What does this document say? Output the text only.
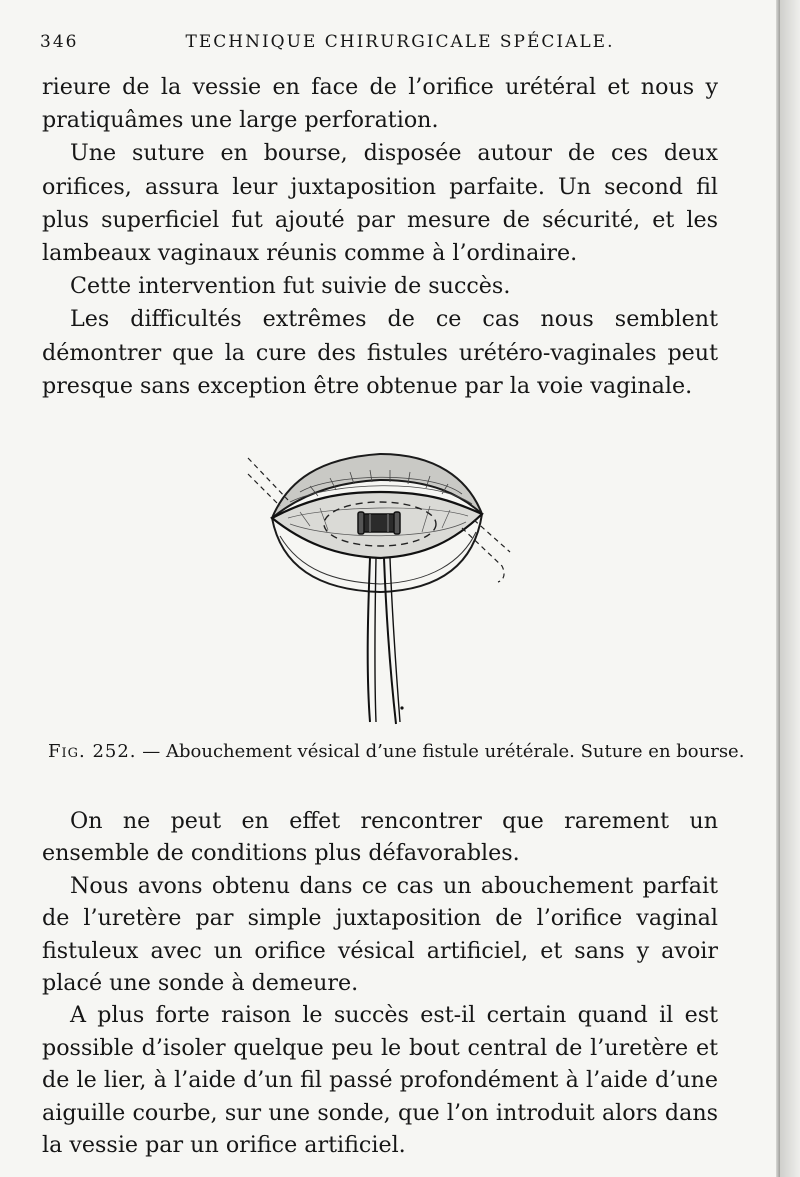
346	TECHNIQUE CHIRURGICALE SPÉCIALE.

rieure de la vessie en face de l’orifice urétéral et nous y pratiquâmes une large perforation.

Une suture en bourse, disposée autour de ces deux orifices, assura leur juxtaposition parfaite. Un second fil plus superficiel fut ajouté par mesure de sécurité, et les lambeaux vaginaux réunis comme à l’ordinaire.

Cette intervention fut suivie de succès.

Les difficultés extrêmes de ce cas nous semblent démontrer que la cure des fistules urétéro-vaginales peut presque sans exception être obtenue par la voie vaginale.

Fig. 252. — Abouchement vésical d’une fistule urétérale. Suture en bourse.

On ne peut en effet rencontrer que rarement un ensemble de conditions plus défavorables.

Nous avons obtenu dans ce cas un abouchement parfait de l’uretère par simple juxtaposition de l’orifice vaginal fistuleux avec un orifice vésical artificiel, et sans y avoir placé une sonde à demeure.

A plus forte raison le succès est-il certain quand il est possible d’isoler quelque peu le bout central de l’uretère et de le lier, à l’aide d’un fil passé profondément à l’aide d’une aiguille courbe, sur une sonde, que l’on introduit alors dans la vessie par un orifice artificiel.
